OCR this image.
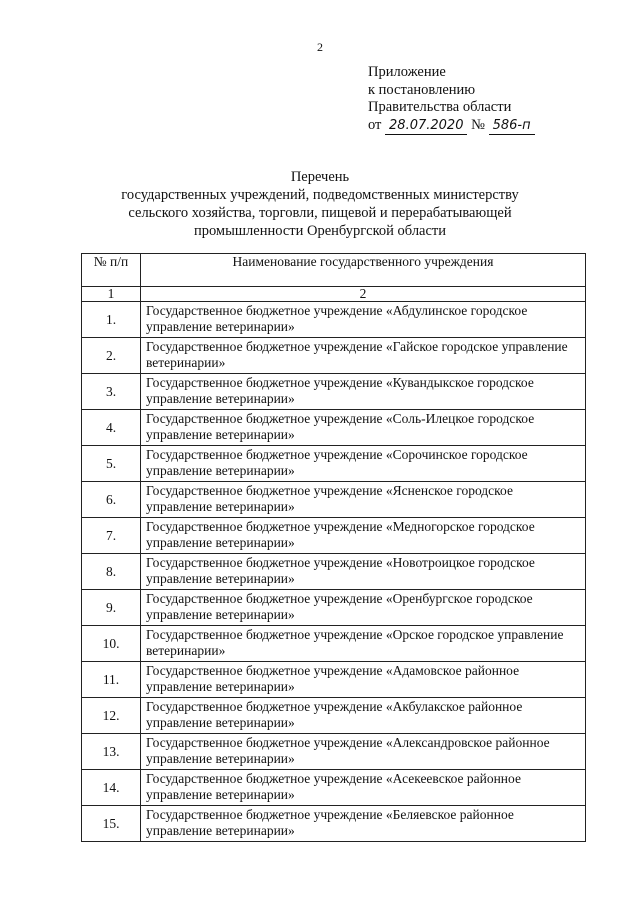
2
Приложение
к постановлению
Правительства области
от 28.07.2020 № 586-п
Перечень
государственных учреждений, подведомственных министерству
сельского хозяйства, торговли, пищевой и перерабатывающей
промышленности Оренбургской области
№ п/п	Наименование государственного учреждения
1	2
1.	Государственное бюджетное учреждение «Абдулинское городское управление ветеринарии»
2.	Государственное бюджетное учреждение «Гайское городское управление ветеринарии»
3.	Государственное бюджетное учреждение «Кувандыкское городское управление ветеринарии»
4.	Государственное бюджетное учреждение «Соль-Илецкое городское управление ветеринарии»
5.	Государственное бюджетное учреждение «Сорочинское городское управление ветеринарии»
6.	Государственное бюджетное учреждение «Ясненское городское управление ветеринарии»
7.	Государственное бюджетное учреждение «Медногорское городское управление ветеринарии»
8.	Государственное бюджетное учреждение «Новотроицкое городское управление ветеринарии»
9.	Государственное бюджетное учреждение «Оренбургское городское управление ветеринарии»
10.	Государственное бюджетное учреждение «Орское городское управление ветеринарии»
11.	Государственное бюджетное учреждение «Адамовское районное управление ветеринарии»
12.	Государственное бюджетное учреждение «Акбулакское районное управление ветеринарии»
13.	Государственное бюджетное учреждение «Александровское районное управление ветеринарии»
14.	Государственное бюджетное учреждение «Асекеевское районное управление ветеринарии»
15.	Государственное бюджетное учреждение «Беляевское районное управление ветеринарии»
